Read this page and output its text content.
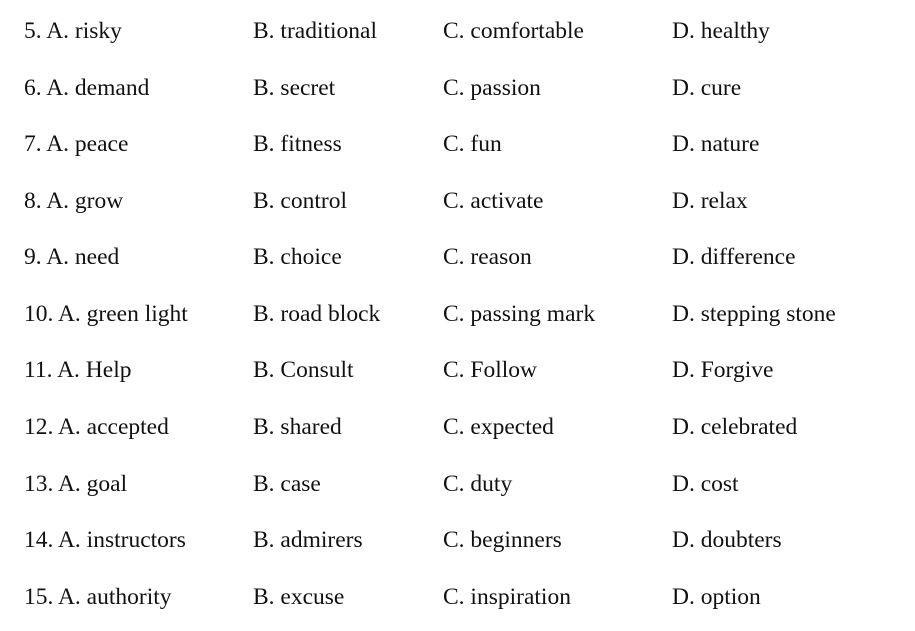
5. A. risky	B. traditional	C. comfortable	D. healthy
6. A. demand	B. secret	C. passion	D. cure
7. A. peace	B. fitness	C. fun	D. nature
8. A. grow	B. control	C. activate	D. relax
9. A. need	B. choice	C. reason	D. difference
10. A. green light	B. road block	C. passing mark	D. stepping stone
11. A. Help	B. Consult	C. Follow	D. Forgive
12. A. accepted	B. shared	C. expected	D. celebrated
13. A. goal	B. case	C. duty	D. cost
14. A. instructors	B. admirers	C. beginners	D. doubters
15. A. authority	B. excuse	C. inspiration	D. option
